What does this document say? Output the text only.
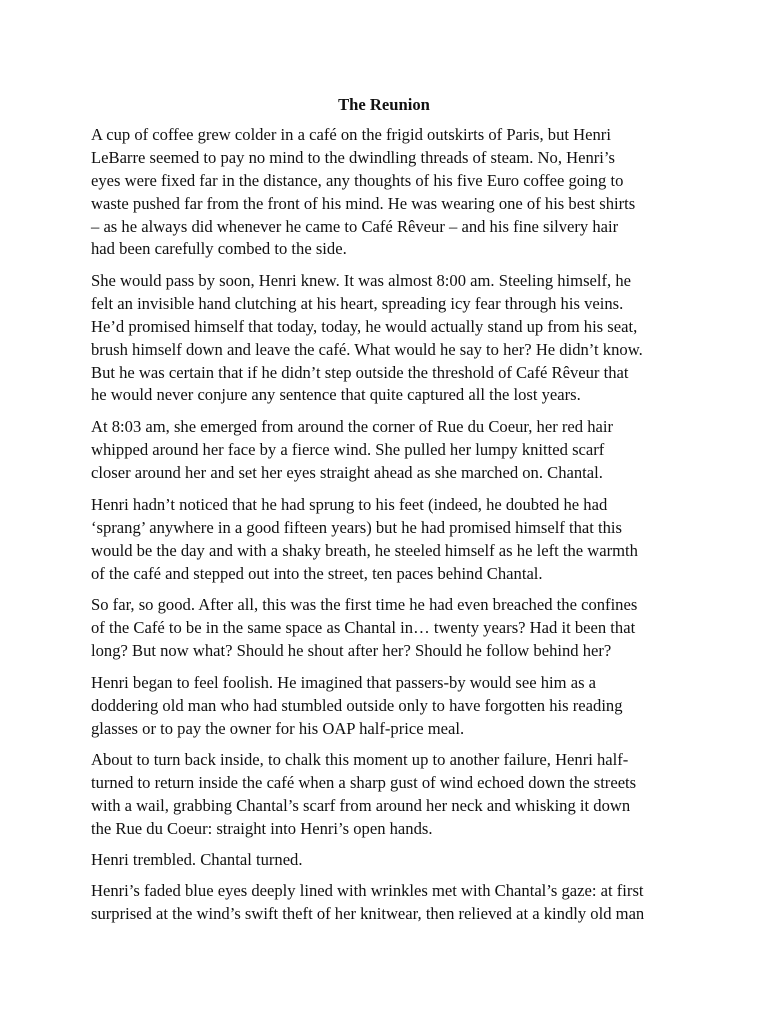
The Reunion
A cup of coffee grew colder in a café on the frigid outskirts of Paris, but Henri
LeBarre seemed to pay no mind to the dwindling threads of steam. No, Henri’s
eyes were fixed far in the distance, any thoughts of his five Euro coffee going to
waste pushed far from the front of his mind. He was wearing one of his best shirts
– as he always did whenever he came to Café Rêveur – and his fine silvery hair
had been carefully combed to the side.
She would pass by soon, Henri knew. It was almost 8:00 am. Steeling himself, he
felt an invisible hand clutching at his heart, spreading icy fear through his veins.
He’d promised himself that today, today, he would actually stand up from his seat,
brush himself down and leave the café. What would he say to her? He didn’t know.
But he was certain that if he didn’t step outside the threshold of Café Rêveur that
he would never conjure any sentence that quite captured all the lost years.
At 8:03 am, she emerged from around the corner of Rue du Coeur, her red hair
whipped around her face by a fierce wind. She pulled her lumpy knitted scarf
closer around her and set her eyes straight ahead as she marched on. Chantal.
Henri hadn’t noticed that he had sprung to his feet (indeed, he doubted he had
‘sprang’ anywhere in a good fifteen years) but he had promised himself that this
would be the day and with a shaky breath, he steeled himself as he left the warmth
of the café and stepped out into the street, ten paces behind Chantal.
So far, so good. After all, this was the first time he had even breached the confines
of the Café to be in the same space as Chantal in… twenty years? Had it been that
long? But now what? Should he shout after her? Should he follow behind her?
Henri began to feel foolish. He imagined that passers-by would see him as a
doddering old man who had stumbled outside only to have forgotten his reading
glasses or to pay the owner for his OAP half-price meal.
About to turn back inside, to chalk this moment up to another failure, Henri half-
turned to return inside the café when a sharp gust of wind echoed down the streets
with a wail, grabbing Chantal’s scarf from around her neck and whisking it down
the Rue du Coeur: straight into Henri’s open hands.
Henri trembled. Chantal turned.
Henri’s faded blue eyes deeply lined with wrinkles met with Chantal’s gaze: at first
surprised at the wind’s swift theft of her knitwear, then relieved at a kindly old man
